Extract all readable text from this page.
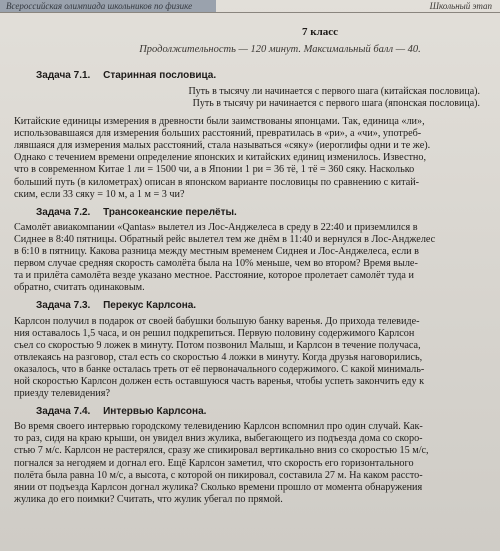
Всероссийская олимпиада школьников по физике	Школьный этап
7 класс
Продолжительность — 120 минут. Максимальный балл — 40.
Задача 7.1. Старинная пословица.
Путь в тысячу ли начинается с первого шага (китайская пословица).
Путь в тысячу ри начинается с первого шага (японская пословица).
Китайские единицы измерения в древности были заимствованы японцами. Так, единица «ли»,
использовавшаяся для измерения больших расстояний, превратилась в «ри», а «чи», употреб-
лявшаяся для измерения малых расстояний, стала называться «сяку» (иероглифы одни и те же).
Однако с течением времени определение японских и китайских единиц изменилось. Известно,
что в современном Китае 1 ли = 1500 чи, а в Японии 1 ри = 36 тё, 1 тё = 360 сяку. Насколько
больший путь (в километрах) описан в японском варианте пословицы по сравнению с китай-
ским, если 33 сяку = 10 м, а 1 м = 3 чи?
Задача 7.2. Трансокеанские перелёты.
Самолёт авиакомпании «Qantas» вылетел из Лос-Анджелеса в среду в 22:40 и приземлился в
Сиднее в 8:40 пятницы. Обратный рейс вылетел тем же днём в 11:40 и вернулся в Лос-Анджелес
в 6:10 в пятницу. Какова разница между местным временем Сиднея и Лос-Анджелеса, если в
первом случае средняя скорость самолёта была на 10% меньше, чем во втором? Время выле-
та и прилёта самолёта везде указано местное. Расстояние, которое пролетает самолёт туда и
обратно, считать одинаковым.
Задача 7.3. Перекус Карлсона.
Карлсон получил в подарок от своей бабушки большую банку варенья. До прихода телевиде-
ния оставалось 1,5 часа, и он решил подкрепиться. Первую половину содержимого Карлсон
съел со скоростью 9 ложек в минуту. Потом позвонил Малыш, и Карлсон в течение получаса,
отвлекаясь на разговор, стал есть со скоростью 4 ложки в минуту. Когда друзья наговорились,
оказалось, что в банке осталась треть от её первоначального содержимого. С какой минималь-
ной скоростью Карлсон должен есть оставшуюся часть варенья, чтобы успеть закончить еду к
приезду телевидения?
Задача 7.4. Интервью Карлсона.
Во время своего интервью городскому телевидению Карлсон вспомнил про один случай. Как-
то раз, сидя на краю крыши, он увидел вниз жулика, выбегающего из подъезда дома со скоро-
стью 7 м/с. Карлсон не растерялся, сразу же спикировал вертикально вниз со скоростью 15 м/с,
погнался за негодяем и догнал его. Ещё Карлсон заметил, что скорость его горизонтального
полёта была равна 10 м/с, а высота, с которой он пикировал, составила 27 м. На каком рассто-
янии от подъезда Карлсон догнал жулика? Сколько времени прошло от момента обнаружения
жулика до его поимки? Считать, что жулик убегал по прямой.
